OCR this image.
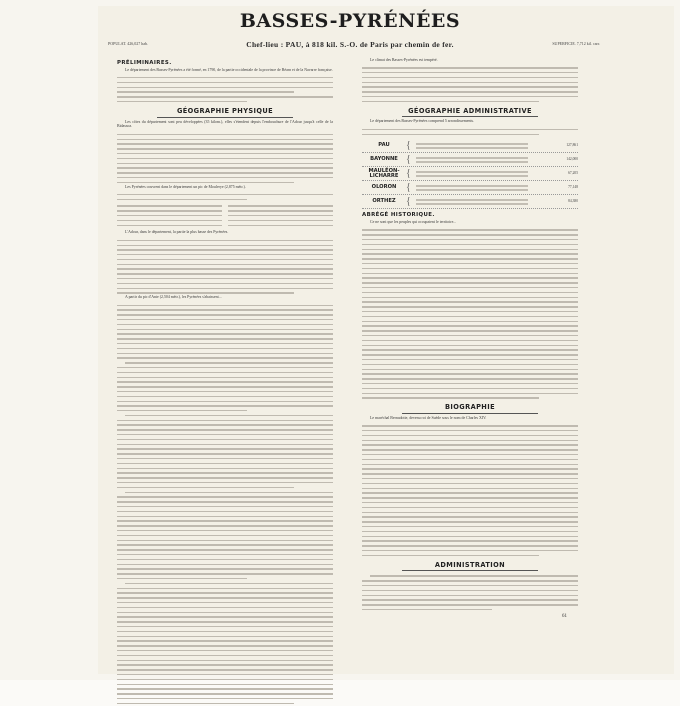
POPULAT. 426,027 hab.	SUPERFICIE. 7,712 kil. carr.
BASSES-PYRÉNÉES
Chef-lieu : PAU, à 818 kil. S.-O. de Paris par chemin de fer.
PRÉLIMINAIRES.

Le département des Basses-Pyrénées a été formé, en 1790, de la partie occidentale de la province de Béarn et de la Navarre française.

GÉOGRAPHIE PHYSIQUE

Les côtes du département sont peu développées (35 kilom.), elles s'étendent depuis l'embouchure de l'Adour jusqu'à celle de la Bidassoa.

Les Pyrénées couvrent dans le département un pic de Moulerye (2,875 mètr.).

L'Adour, dans le département, la partie la plus basse des Pyrénées.

A partir du pic d'Anie (2,504 mètr.), les Pyrénées s'abaissent...

Le climat des Basses-Pyrénées est tempéré.

GÉOGRAPHIE ADMINISTRATIVE

Le département des Basses-Pyrénées comprend 5 arrondissements.

PAU	{	127,861
BAYONNE {	142,000
MAULÉON-LICHARRE {	67,205
OLORON {	77,148
ORTHEZ	{	84,380
ABRÉGÉ HISTORIQUE.

Ce ne sont que les peuples qui occupaient le territoire...

BIOGRAPHIE

Le maréchal Bernadotte, devenu roi de Suède sous le nom de Charles XIV.

ADMINISTRATION
61
